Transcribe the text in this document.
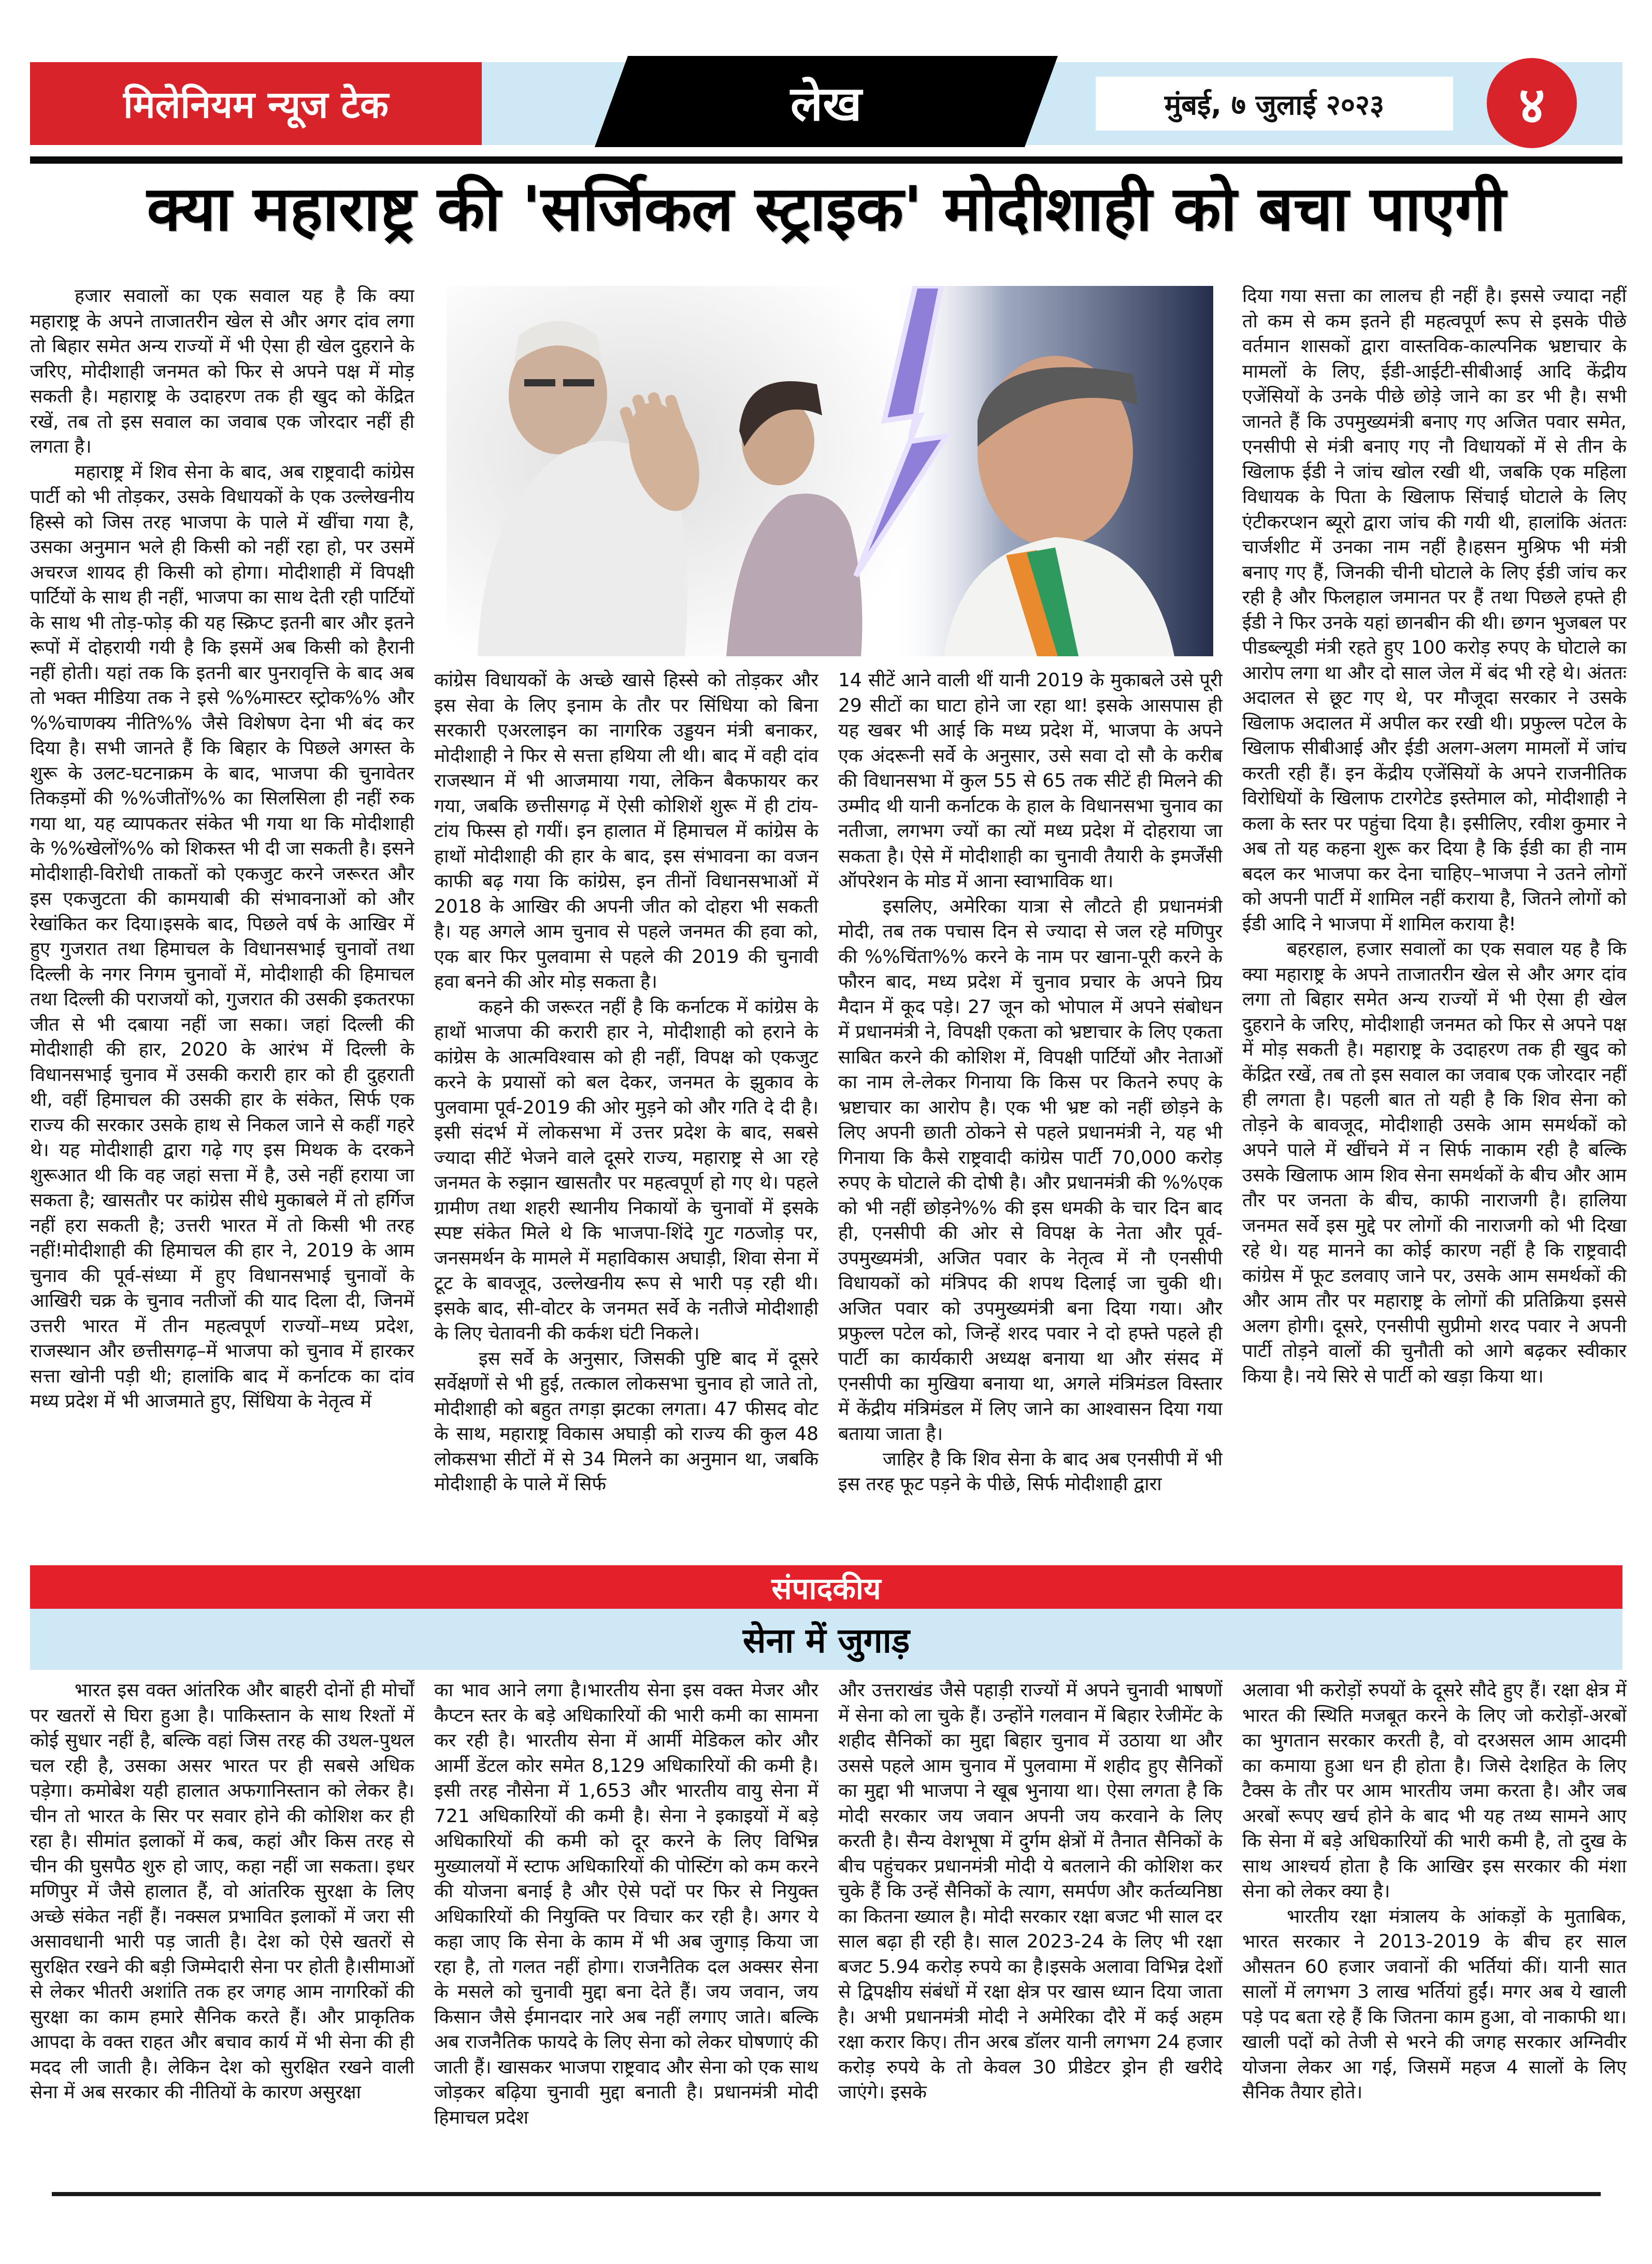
मिलेनियम न्यूज टेक	लेख	मुंबई, ७ जुलाई २०२३	४
क्या महाराष्ट्र की 'सर्जिकल स्ट्राइक' मोदीशाही को बचा पाएगी

हजार सवालों का एक सवाल यह है कि क्या महाराष्ट्र के अपने ताजातरीन खेल से और अगर दांव लगा तो बिहार समेत अन्य राज्यों में भी ऐसा ही खेल दुहराने के जरिए, मोदीशाही जनमत को फिर से अपने पक्ष में मोड़ सकती है। महाराष्ट्र के उदाहरण तक ही खुद को केंद्रित रखें, तब तो इस सवाल का जवाब एक जोरदार नहीं ही लगता है।

महाराष्ट्र में शिव सेना के बाद, अब राष्ट्रवादी कांग्रेस पार्टी को भी तोड़कर, उसके विधायकों के एक उल्लेखनीय हिस्से को जिस तरह भाजपा के पाले में खींचा गया है, उसका अनुमान भले ही किसी को नहीं रहा हो, पर उसमें अचरज शायद ही किसी को होगा। मोदीशाही में विपक्षी पार्टियों के साथ ही नहीं, भाजपा का साथ देती रही पार्टियों के साथ भी तोड़-फोड़ की यह स्क्रिप्ट इतनी बार और इतने रूपों में दोहरायी गयी है कि इसमें अब किसी को हैरानी नहीं होती। यहां तक कि इतनी बार पुनरावृत्ति के बाद अब तो भक्त मीडिया तक ने इसे %%मास्टर स्ट्रोक%% और %%चाणक्य नीति%% जैसे विशेषण देना भी बंद कर दिया है। सभी जानते हैं कि बिहार के पिछले अगस्त के शुरू के उलट-घटनाक्रम के बाद, भाजपा की चुनावेतर तिकड़मों की %%जीतों%% का सिलसिला ही नहीं रुक गया था, यह व्यापकतर संकेत भी गया था कि मोदीशाही के %%खेलों%% को शिकस्त भी दी जा सकती है। इसने मोदीशाही-विरोधी ताकतों को एकजुट करने जरूरत और इस एकजुटता की कामयाबी की संभावनाओं को और रेखांकित कर दिया।इसके बाद, पिछले वर्ष के आखिर में हुए गुजरात तथा हिमाचल के विधानसभाई चुनावों तथा दिल्ली के नगर निगम चुनावों में, मोदीशाही की हिमाचल तथा दिल्ली की पराजयों को, गुजरात की उसकी इकतरफा जीत से भी दबाया नहीं जा सका। जहां दिल्ली की मोदीशाही की हार, 2020 के आरंभ में दिल्ली के विधानसभाई चुनाव में उसकी करारी हार को ही दुहराती थी, वहीं हिमाचल की उसकी हार के संकेत, सिर्फ एक राज्य की सरकार उसके हाथ से निकल जाने से कहीं गहरे थे। यह मोदीशाही द्वारा गढ़े गए इस मिथक के दरकने शुरूआत थी कि वह जहां सत्ता में है, उसे नहीं हराया जा सकता है; खासतौर पर कांग्रेस सीधे मुकाबले में तो हर्गिज नहीं हरा सकती है; उत्तरी भारत में तो किसी भी तरह नहीं!मोदीशाही की हिमाचल की हार ने, 2019 के आम चुनाव की पूर्व-संध्या में हुए विधानसभाई चुनावों के आखिरी चक्र के चुनाव नतीजों की याद दिला दी, जिनमें उत्तरी भारत में तीन महत्वपूर्ण राज्यों–मध्य प्रदेश, राजस्थान और छत्तीसगढ़–में भाजपा को चुनाव में हारकर सत्ता खोनी पड़ी थी; हालांकि बाद में कर्नाटक का दांव मध्य प्रदेश में भी आजमाते हुए, सिंधिया के नेतृत्व में

कांग्रेस विधायकों के अच्छे खासे हिस्से को तोड़कर और इस सेवा के लिए इनाम के तौर पर सिंधिया को बिना सरकारी एअरलाइन का नागरिक उड्डयन मंत्री बनाकर, मोदीशाही ने फिर से सत्ता हथिया ली थी। बाद में वही दांव राजस्थान में भी आजमाया गया, लेकिन बैकफायर कर गया, जबकि छत्तीसगढ़ में ऐसी कोशिशें शुरू में ही टांय-टांय फिस्स हो गयीं। इन हालात में हिमाचल में कांग्रेस के हाथों मोदीशाही की हार के बाद, इस संभावना का वजन काफी बढ़ गया कि कांग्रेस, इन तीनों विधानसभाओं में 2018 के आखिर की अपनी जीत को दोहरा भी सकती है। यह अगले आम चुनाव से पहले जनमत की हवा को, एक बार फिर पुलवामा से पहले की 2019 की चुनावी हवा बनने की ओर मोड़ सकता है।

कहने की जरूरत नहीं है कि कर्नाटक में कांग्रेस के हाथों भाजपा की करारी हार ने, मोदीशाही को हराने के कांग्रेस के आत्मविश्वास को ही नहीं, विपक्ष को एकजुट करने के प्रयासों को बल देकर, जनमत के झुकाव के पुलवामा पूर्व-2019 की ओर मुड़ने को और गति दे दी है। इसी संदर्भ में लोकसभा में उत्तर प्रदेश के बाद, सबसे ज्यादा सीटें भेजने वाले दूसरे राज्य, महाराष्ट्र से आ रहे जनमत के रुझान खासतौर पर महत्वपूर्ण हो गए थे। पहले ग्रामीण तथा शहरी स्थानीय निकायों के चुनावों में इसके स्पष्ट संकेत मिले थे कि भाजपा-शिंदे गुट गठजोड़ पर, जनसमर्थन के मामले में महाविकास अघाड़ी, शिवा सेना में टूट के बावजूद, उल्लेखनीय रूप से भारी पड़ रही थी। इसके बाद, सी-वोटर के जनमत सर्वे के नतीजे मोदीशाही के लिए चेतावनी की कर्कश घंटी निकले।

इस सर्वे के अनुसार, जिसकी पुष्टि बाद में दूसरे सर्वेक्षणों से भी हुई, तत्काल लोकसभा चुनाव हो जाते तो, मोदीशाही को बहुत तगड़ा झटका लगता। 47 फीसद वोट के साथ, महाराष्ट्र विकास अघाड़ी को राज्य की कुल 48 लोकसभा सीटों में से 34 मिलने का अनुमान था, जबकि मोदीशाही के पाले में सिर्फ

14 सीटें आने वाली थीं यानी 2019 के मुकाबले उसे पूरी 29 सीटों का घाटा होने जा रहा था! इसके आसपास ही यह खबर भी आई कि मध्य प्रदेश में, भाजपा के अपने एक अंदरूनी सर्वे के अनुसार, उसे सवा दो सौ के करीब की विधानसभा में कुल 55 से 65 तक सीटें ही मिलने की उम्मीद थी यानी कर्नाटक के हाल के विधानसभा चुनाव का नतीजा, लगभग ज्यों का त्यों मध्य प्रदेश में दोहराया जा सकता है। ऐसे में मोदीशाही का चुनावी तैयारी के इमर्जेंसी ऑपरेशन के मोड में आना स्वाभाविक था।

इसलिए, अमेरिका यात्रा से लौटते ही प्रधानमंत्री मोदी, तब तक पचास दिन से ज्यादा से जल रहे मणिपुर की %%चिंता%% करने के नाम पर खाना-पूरी करने के फौरन बाद, मध्य प्रदेश में चुनाव प्रचार के अपने प्रिय मैदान में कूद पड़े। 27 जून को भोपाल में अपने संबोधन में प्रधानमंत्री ने, विपक्षी एकता को भ्रष्टाचार के लिए एकता साबित करने की कोशिश में, विपक्षी पार्टियों और नेताओं का नाम ले-लेकर गिनाया कि किस पर कितने रुपए के भ्रष्टाचार का आरोप है। एक भी भ्रष्ट को नहीं छोड़ने के लिए अपनी छाती ठोकने से पहले प्रधानमंत्री ने, यह भी गिनाया कि कैसे राष्ट्रवादी कांग्रेस पार्टी 70,000 करोड़ रुपए के घोटाले की दोषी है। और प्रधानमंत्री की %%एक को भी नहीं छोड़ने%% की इस धमकी के चार दिन बाद ही, एनसीपी की ओर से विपक्ष के नेता और पूर्व-उपमुख्यमंत्री, अजित पवार के नेतृत्व में नौ एनसीपी विधायकों को मंत्रिपद की शपथ दिलाई जा चुकी थी। अजित पवार को उपमुख्यमंत्री बना दिया गया। और प्रफुल्ल पटेल को, जिन्हें शरद पवार ने दो हफ्ते पहले ही पार्टी का कार्यकारी अध्यक्ष बनाया था और संसद में एनसीपी का मुखिया बनाया था, अगले मंत्रिमंडल विस्तार में केंद्रीय मंत्रिमंडल में लिए जाने का आश्वासन दिया गया बताया जाता है।

जाहिर है कि शिव सेना के बाद अब एनसीपी में भी इस तरह फूट पड़ने के पीछे, सिर्फ मोदीशाही द्वारा

दिया गया सत्ता का लालच ही नहीं है। इससे ज्यादा नहीं तो कम से कम इतने ही महत्वपूर्ण रूप से इसके पीछे वर्तमान शासकों द्वारा वास्तविक-काल्पनिक भ्रष्टाचार के मामलों के लिए, ईडी-आईटी-सीबीआई आदि केंद्रीय एजेंसियों के उनके पीछे छोड़े जाने का डर भी है। सभी जानते हैं कि उपमुख्यमंत्री बनाए गए अजित पवार समेत, एनसीपी से मंत्री बनाए गए नौ विधायकों में से तीन के खिलाफ ईडी ने जांच खोल रखी थी, जबकि एक महिला विधायक के पिता के खिलाफ सिंचाई घोटाले के लिए एंटीकरप्शन ब्यूरो द्वारा जांच की गयी थी, हालांकि अंततः चार्जशीट में उनका नाम नहीं है।हसन मुश्रिफ भी मंत्री बनाए गए हैं, जिनकी चीनी घोटाले के लिए ईडी जांच कर रही है और फिलहाल जमानत पर हैं तथा पिछले हफ्ते ही ईडी ने फिर उनके यहां छानबीन की थी। छगन भुजबल पर पीडब्ल्यूडी मंत्री रहते हुए 100 करोड़ रुपए के घोटाले का आरोप लगा था और दो साल जेल में बंद भी रहे थे। अंततः अदालत से छूट गए थे, पर मौजूदा सरकार ने उसके खिलाफ अदालत में अपील कर रखी थी। प्रफुल्ल पटेल के खिलाफ सीबीआई और ईडी अलग-अलग मामलों में जांच करती रही हैं। इन केंद्रीय एजेंसियों के अपने राजनीतिक विरोधियों के खिलाफ टारगेटेड इस्तेमाल को, मोदीशाही ने कला के स्तर पर पहुंचा दिया है। इसीलिए, रवीश कुमार ने अब तो यह कहना शुरू कर दिया है कि ईडी का ही नाम बदल कर भाजपा कर देना चाहिए–भाजपा ने उतने लोगों को अपनी पार्टी में शामिल नहीं कराया है, जितने लोगों को ईडी आदि ने भाजपा में शामिल कराया है!

बहरहाल, हजार सवालों का एक सवाल यह है कि क्या महाराष्ट्र के अपने ताजातरीन खेल से और अगर दांव लगा तो बिहार समेत अन्य राज्यों में भी ऐसा ही खेल दुहराने के जरिए, मोदीशाही जनमत को फिर से अपने पक्ष में मोड़ सकती है। महाराष्ट्र के उदाहरण तक ही खुद को केंद्रित रखें, तब तो इस सवाल का जवाब एक जोरदार नहीं ही लगता है। पहली बात तो यही है कि शिव सेना को तोड़ने के बावजूद, मोदीशाही उसके आम समर्थकों को अपने पाले में खींचने में न सिर्फ नाकाम रही है बल्कि उसके खिलाफ आम शिव सेना समर्थकों के बीच और आम तौर पर जनता के बीच, काफी नाराजगी है। हालिया जनमत सर्वे इस मुद्दे पर लोगों की नाराजगी को भी दिखा रहे थे। यह मानने का कोई कारण नहीं है कि राष्ट्रवादी कांग्रेस में फूट डलवाए जाने पर, उसके आम समर्थकों की और आम तौर पर महाराष्ट्र के लोगों की प्रतिक्रिया इससे अलग होगी। दूसरे, एनसीपी सुप्रीमो शरद पवार ने अपनी पार्टी तोड़ने वालों की चुनौती को आगे बढ़कर स्वीकार किया है। नये सिरे से पार्टी को खड़ा किया था।

संपादकीय
सेना में जुगाड़

भारत इस वक्त आंतरिक और बाहरी दोनों ही मोर्चों पर खतरों से घिरा हुआ है। पाकिस्तान के साथ रिश्तों में कोई सुधार नहीं है, बल्कि वहां जिस तरह की उथल-पुथल चल रही है, उसका असर भारत पर ही सबसे अधिक पड़ेगा। कमोबेश यही हालात अफगानिस्तान को लेकर है। चीन तो भारत के सिर पर सवार होने की कोशिश कर ही रहा है। सीमांत इलाकों में कब, कहां और किस तरह से चीन की घुसपैठ शुरु हो जाए, कहा नहीं जा सकता। इधर मणिपुर में जैसे हालात हैं, वो आंतरिक सुरक्षा के लिए अच्छे संकेत नहीं हैं। नक्सल प्रभावित इलाकों में जरा सी असावधानी भारी पड़ जाती है। देश को ऐसे खतरों से सुरक्षित रखने की बड़ी जिम्मेदारी सेना पर होती है।सीमाओं से लेकर भीतरी अशांति तक हर जगह आम नागरिकों की सुरक्षा का काम हमारे सैनिक करते हैं। और प्राकृतिक आपदा के वक्त राहत और बचाव कार्य में भी सेना की ही मदद ली जाती है। लेकिन देश को सुरक्षित रखने वाली सेना में अब सरकार की नीतियों के कारण असुरक्षा

का भाव आने लगा है।भारतीय सेना इस वक्त मेजर और कैप्टन स्तर के बड़े अधिकारियों की भारी कमी का सामना कर रही है। भारतीय सेना में आर्मी मेडिकल कोर और आर्मी डेंटल कोर समेत 8,129 अधिकारियों की कमी है। इसी तरह नौसेना में 1,653 और भारतीय वायु सेना में 721 अधिकारियों की कमी है। सेना ने इकाइयों में बड़े अधिकारियों की कमी को दूर करने के लिए विभिन्न मुख्यालयों में स्टाफ अधिकारियों की पोस्टिंग को कम करने की योजना बनाई है और ऐसे पदों पर फिर से नियुक्त अधिकारियों की नियुक्ति पर विचार कर रही है। अगर ये कहा जाए कि सेना के काम में भी अब जुगाड़ किया जा रहा है, तो गलत नहीं होगा। राजनैतिक दल अक्सर सेना के मसले को चुनावी मुद्दा बना देते हैं। जय जवान, जय किसान जैसे ईमानदार नारे अब नहीं लगाए जाते। बल्कि अब राजनैतिक फायदे के लिए सेना को लेकर घोषणाएं की जाती हैं। खासकर भाजपा राष्ट्रवाद और सेना को एक साथ जोड़कर बढ़िया चुनावी मुद्दा बनाती है। प्रधानमंत्री मोदी हिमाचल प्रदेश

और उत्तराखंड जैसे पहाड़ी राज्यों में अपने चुनावी भाषणों में सेना को ला चुके हैं। उन्होंने गलवान में बिहार रेजीमेंट के शहीद सैनिकों का मुद्दा बिहार चुनाव में उठाया था और उससे पहले आम चुनाव में पुलवामा में शहीद हुए सैनिकों का मुद्दा भी भाजपा ने खूब भुनाया था। ऐसा लगता है कि मोदी सरकार जय जवान अपनी जय करवाने के लिए करती है। सैन्य वेशभूषा में दुर्गम क्षेत्रों में तैनात सैनिकों के बीच पहुंचकर प्रधानमंत्री मोदी ये बतलाने की कोशिश कर चुके हैं कि उन्हें सैनिकों के त्याग, समर्पण और कर्तव्यनिष्ठा का कितना ख्याल है। मोदी सरकार रक्षा बजट भी साल दर साल बढ़ा ही रही है। साल 2023-24 के लिए भी रक्षा बजट 5.94 करोड़ रुपये का है।इसके अलावा विभिन्न देशों से द्विपक्षीय संबंधों में रक्षा क्षेत्र पर खास ध्यान दिया जाता है। अभी प्रधानमंत्री मोदी ने अमेरिका दौरे में कई अहम रक्षा करार किए। तीन अरब डॉलर यानी लगभग 24 हजार करोड़ रुपये के तो केवल 30 प्रीडेटर ड्रोन ही खरीदे जाएंगे। इसके

अलावा भी करोड़ों रुपयों के दूसरे सौदे हुए हैं। रक्षा क्षेत्र में भारत की स्थिति मजबूत करने के लिए जो करोड़ों-अरबों का भुगतान सरकार करती है, वो दरअसल आम आदमी का कमाया हुआ धन ही होता है। जिसे देशहित के लिए टैक्स के तौर पर आम भारतीय जमा करता है। और जब अरबों रूपए खर्च होने के बाद भी यह तथ्य सामने आए कि सेना में बड़े अधिकारियों की भारी कमी है, तो दुख के साथ आश्चर्य होता है कि आखिर इस सरकार की मंशा सेना को लेकर क्या है।

भारतीय रक्षा मंत्रालय के आंकड़ों के मुताबिक, भारत सरकार ने 2013-2019 के बीच हर साल औसतन 60 हजार जवानों की भर्तियां कीं। यानी सात सालों में लगभग 3 लाख भर्तियां हुईं। मगर अब ये खाली पड़े पद बता रहे हैं कि जितना काम हुआ, वो नाकाफी था। खाली पदों को तेजी से भरने की जगह सरकार अग्निवीर योजना लेकर आ गई, जिसमें महज 4 सालों के लिए सैनिक तैयार होते।
